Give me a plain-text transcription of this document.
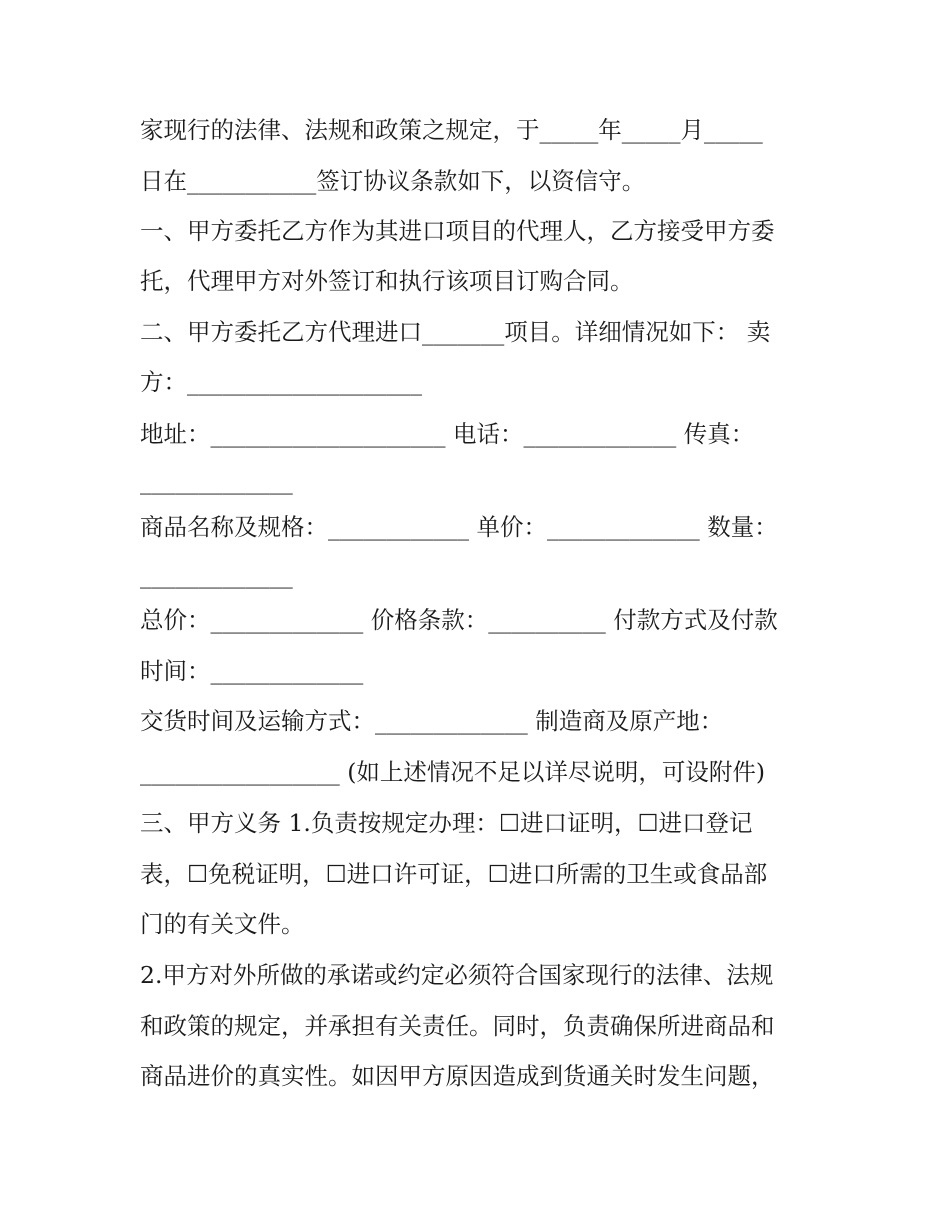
家现行的法律、法规和政策之规定，于_____年_____月_____
日在___________签订协议条款如下，以资信守。
一、甲方委托乙方作为其进口项目的代理人，乙方接受甲方委
托，代理甲方对外签订和执行该项目订购合同。
二、甲方委托乙方代理进口_______项目。详细情况如下： 卖
方：____________________
地址：____________________ 电话：_____________ 传真：
_____________
商品名称及规格：____________ 单价：_____________ 数量：
_____________
总价：_____________ 价格条款：__________ 付款方式及付款
时间：_____________
交货时间及运输方式：_____________ 制造商及原产地：
_________________ (如上述情况不足以详尽说明，可设附件)
三、甲方义务 1.负责按规定办理：☐进口证明，☐进口登记
表，☐免税证明，☐进口许可证，☐进口所需的卫生或食品部
门的有关文件。
2.甲方对外所做的承诺或约定必须符合国家现行的法律、法规
和政策的规定，并承担有关责任。同时，负责确保所进商品和
商品进价的真实性。如因甲方原因造成到货通关时发生问题，
